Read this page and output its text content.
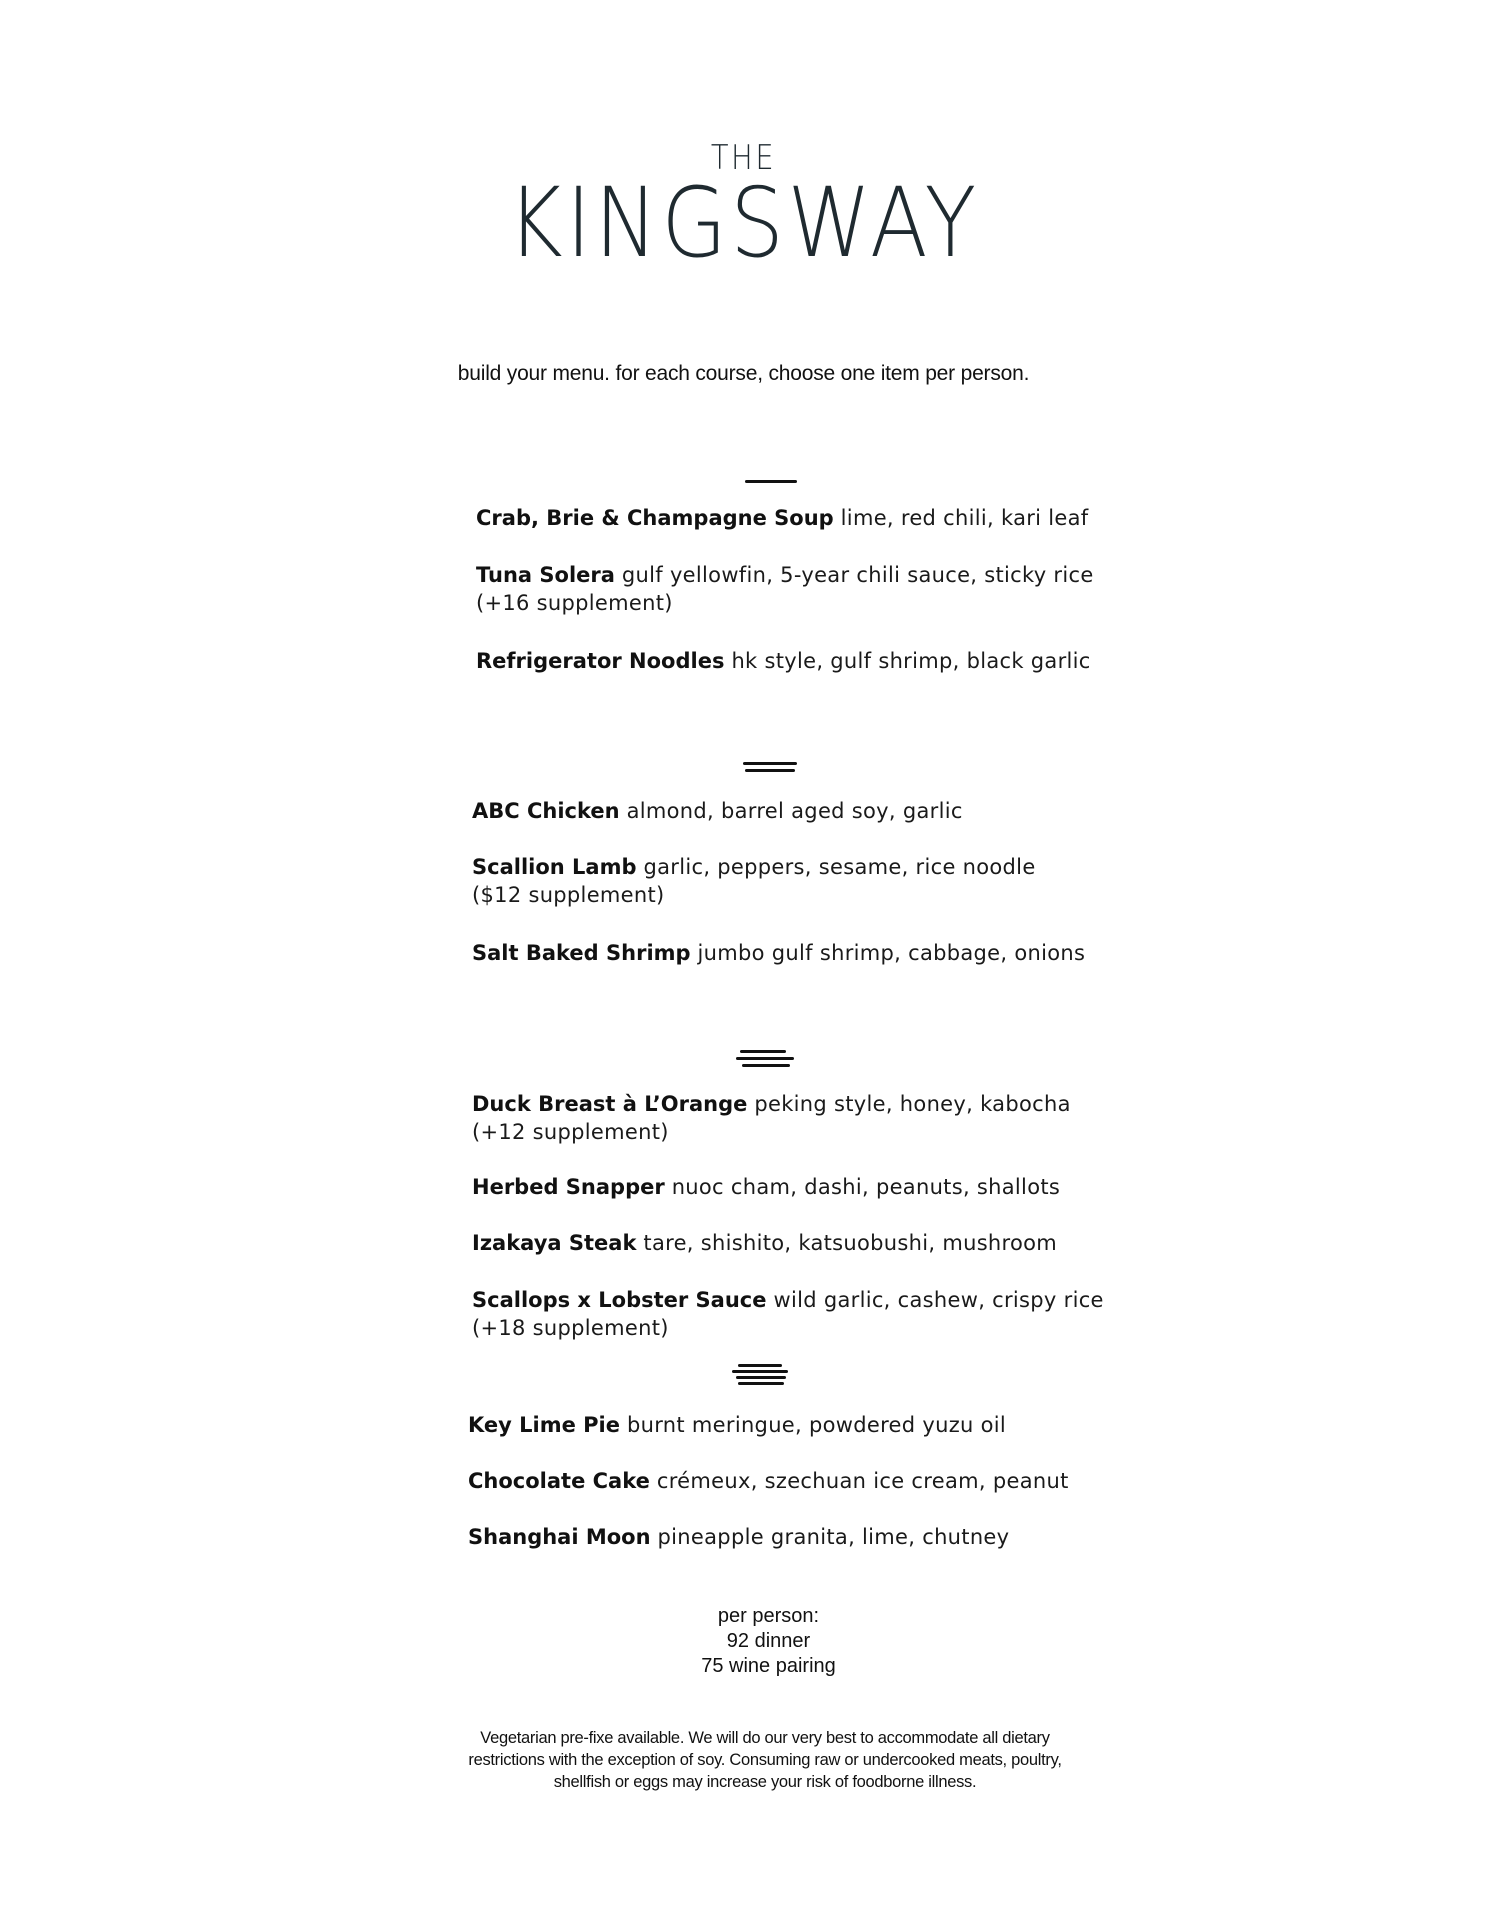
THE
KINGSWAY
build your menu. for each course, choose one item per person.
Crab, Brie & Champagne Soup lime, red chili, kari leaf
Tuna Solera gulf yellowfin, 5-year chili sauce, sticky rice
(+16 supplement)
Refrigerator Noodles hk style, gulf shrimp, black garlic
ABC Chicken almond, barrel aged soy, garlic
Scallion Lamb garlic, peppers, sesame, rice noodle
($12 supplement)
Salt Baked Shrimp jumbo gulf shrimp, cabbage, onions
Duck Breast à L’Orange peking style, honey, kabocha
(+12 supplement)
Herbed Snapper nuoc cham, dashi, peanuts, shallots
Izakaya Steak tare, shishito, katsuobushi, mushroom
Scallops x Lobster Sauce wild garlic, cashew, crispy rice
(+18 supplement)
Key Lime Pie burnt meringue, powdered yuzu oil
Chocolate Cake crémeux, szechuan ice cream, peanut
Shanghai Moon pineapple granita, lime, chutney
per person:
92 dinner
75 wine pairing
Vegetarian pre-fixe available. We will do our very best to accommodate all dietary restrictions with the exception of soy. Consuming raw or undercooked meats, poultry, shellfish or eggs may increase your risk of foodborne illness.
